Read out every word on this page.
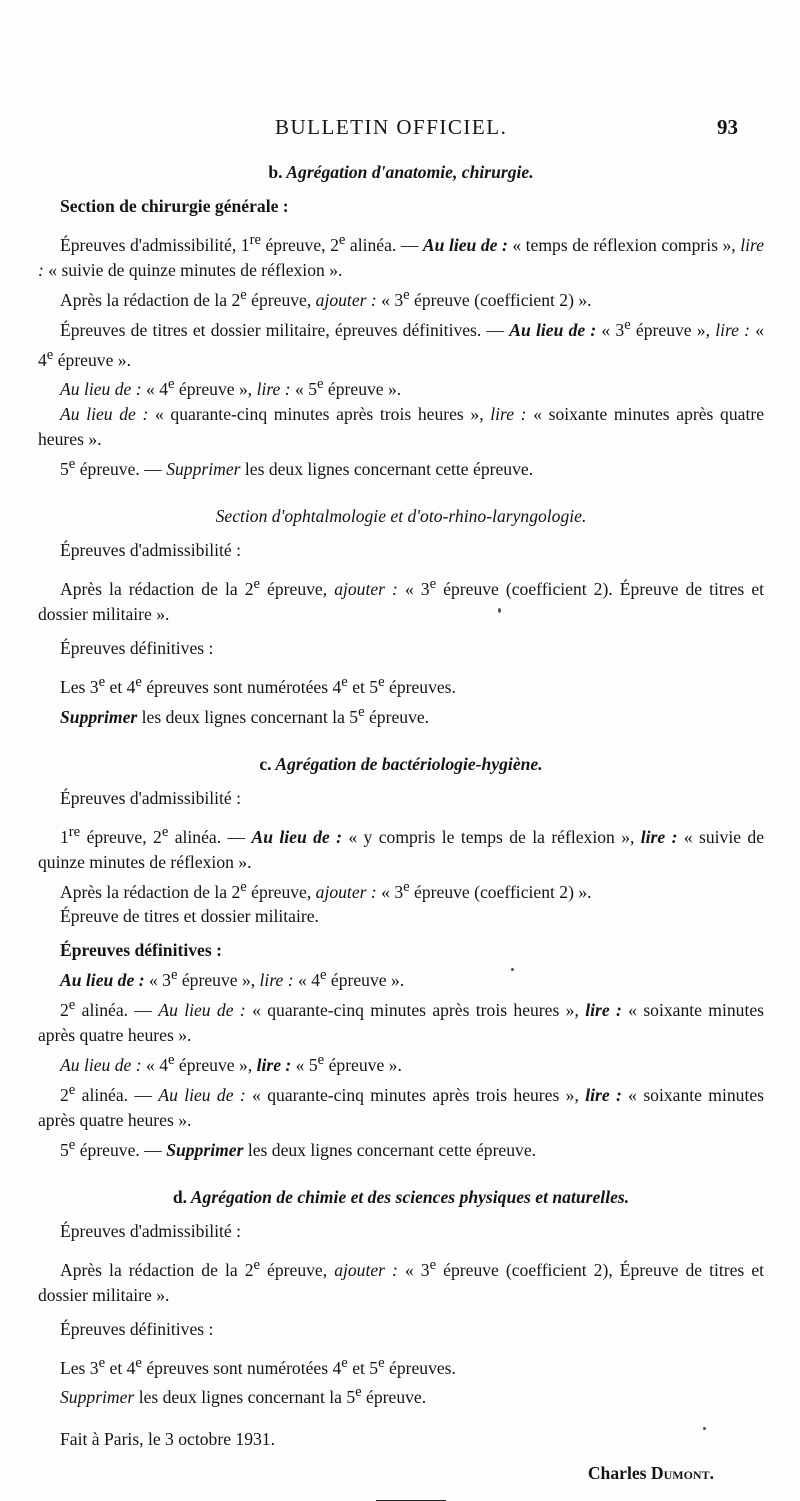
BULLETIN OFFICIEL.	93

b. Agrégation d'anatomie, chirurgie.

Section de chirurgie générale :

Épreuves d'admissibilité, 1re épreuve, 2e alinéa. — Au lieu de : « temps de réflexion compris », lire : « suivie de quinze minutes de réflexion ».

Après la rédaction de la 2e épreuve, ajouter : « 3e épreuve (coefficient 2) ».

Épreuves de titres et dossier militaire, épreuves définitives. — Au lieu de : « 3e épreuve », lire : « 4e épreuve ».

Au lieu de : « 4e épreuve », lire : « 5e épreuve ».

Au lieu de : « quarante-cinq minutes après trois heures », lire : « soixante minutes après quatre heures ».

5e épreuve. — Supprimer les deux lignes concernant cette épreuve.

Section d'ophtalmologie et d'oto-rhino-laryngologie.

Épreuves d'admissibilité :

Après la rédaction de la 2e épreuve, ajouter : « 3e épreuve (coefficient 2). Épreuve de titres et dossier militaire ».

Épreuves définitives :

Les 3e et 4e épreuves sont numérotées 4e et 5e épreuves.

Supprimer les deux lignes concernant la 5e épreuve.

c. Agrégation de bactériologie-hygiène.

Épreuves d'admissibilité :

1re épreuve, 2e alinéa. — Au lieu de : « y compris le temps de la réflexion », lire : « suivie de quinze minutes de réflexion ».

Après la rédaction de la 2e épreuve, ajouter : « 3e épreuve (coefficient 2) ».

Épreuve de titres et dossier militaire.

Épreuves définitives :

Au lieu de : « 3e épreuve », lire : « 4e épreuve ».

2e alinéa. — Au lieu de : « quarante-cinq minutes après trois heures », lire : « soixante minutes après quatre heures ».

Au lieu de : « 4e épreuve », lire : « 5e épreuve ».

2e alinéa. — Au lieu de : « quarante-cinq minutes après trois heures », lire : « soixante minutes après quatre heures ».

5e épreuve. — Supprimer les deux lignes concernant cette épreuve.

d. Agrégation de chimie et des sciences physiques et naturelles.

Épreuves d'admissibilité :

Après la rédaction de la 2e épreuve, ajouter : « 3e épreuve (coefficient 2), Épreuve de titres et dossier militaire ».

Épreuves définitives :

Les 3e et 4e épreuves sont numérotées 4e et 5e épreuves.

Supprimer les deux lignes concernant la 5e épreuve.

Fait à Paris, le 3 octobre 1931.

Charles Dumont.
